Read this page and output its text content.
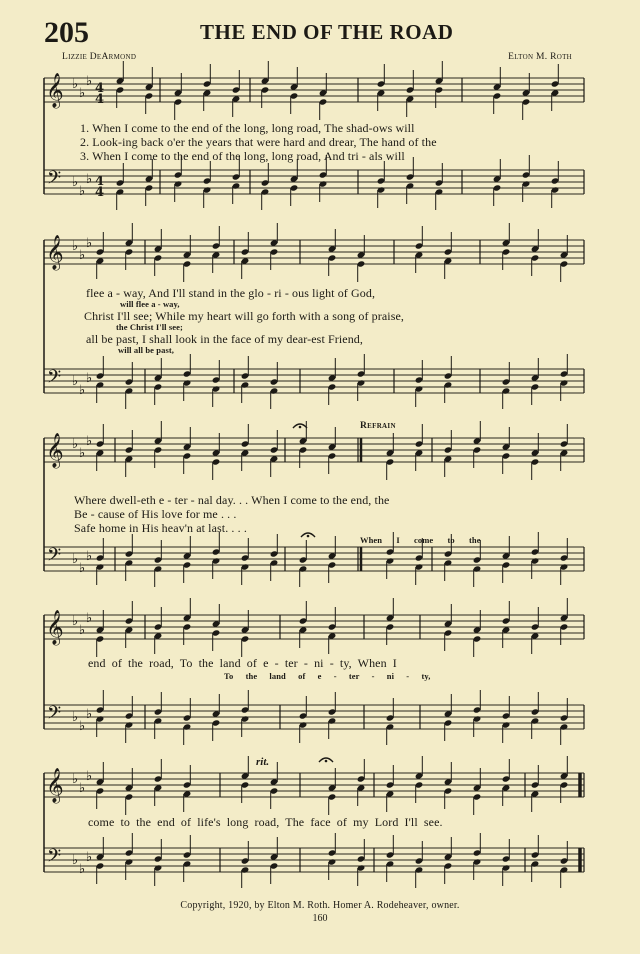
205	THE END OF THE ROAD
Lizzie DeArmond	Elton M. Roth
4
4
4
4
𝄞 ♭
♭
♭
𝄢 ♭
♭
♭
𝄞 ♭
♭
♭
𝄢 ♭
♭
♭
𝄞 ♭
♭
♭
𝄢 ♭
♭
♭
𝄞 ♭
♭
♭
𝄢 ♭
♭
♭
𝄞 ♭
♭
♭
𝄢 ♭
♭
♭
1. When I come to the end of the long, long road, The shad-ows will
2. Look-ing back o'er the years that were hard and drear, The hand of the
3. When I come to the end of the long, long road, And tri - als will
flee a - way, And I'll stand in the glo - ri - ous light of God,
will flee a - way,
Christ I'll see; While my heart will go forth with a song of praise,
the Christ I'll see;
all be past, I shall look in the face of my dear-est Friend,
will all be past,
Refrain
Where dwell-eth e - ter - nal day. . . When I come to the end, the
Be - cause of His love for me . . .
Safe home in His heav'n at last. . . .
When I come to the
end of the road, To the land of e - ter - ni - ty, When I
To the land of e - ter - ni - ty,
rit.
come to the end of life's long road, The face of my Lord I'll see.
Copyright, 1920, by Elton M. Roth. Homer A. Rodeheaver, owner.
160
